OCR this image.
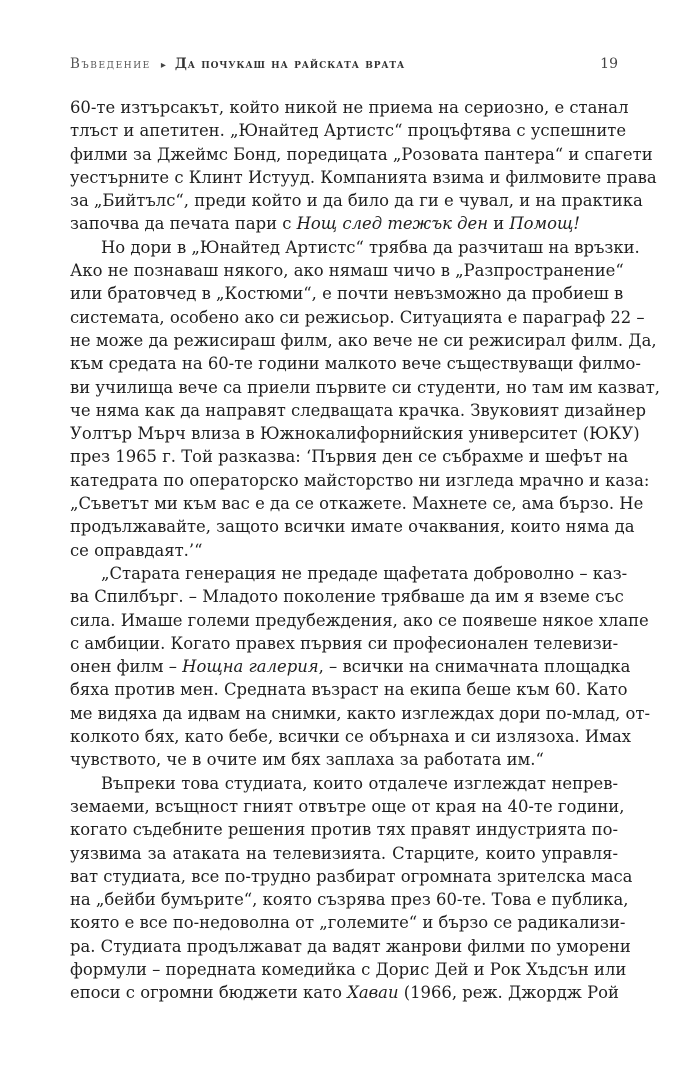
Въведение ▸ Да почукаш на райската врата	19
60-те изтърсакът, който никой не приема на сериозно, е станал
тлъст и апетитен. „Юнайтед Артистс“ процъфтява с успешните
филми за Джеймс Бонд, поредицата „Розовата пантера“ и спагети
уестърните с Клинт Истууд. Компанията взима и филмовите права
за „Бийтълс“, преди който и да било да ги е чувал, и на практика
започва да печата пари с Нощ след тежък ден и Помощ!
Но дори в „Юнайтед Артистс“ трябва да разчиташ на връзки.
Ако не познаваш някого, ако нямаш чичо в „Разпространение“
или братовчед в „Костюми“, е почти невъзможно да пробиеш в
системата, особено ако си режисьор. Ситуацията е параграф 22 –
не може да режисираш филм, ако вече не си режисирал филм. Да,
към средата на 60-те години малкото вече съществуващи филмо-
ви училища вече са приели първите си студенти, но там им казват,
че няма как да направят следващата крачка. Звуковият дизайнер
Уолтър Мърч влиза в Южнокалифорнийския университет (ЮКУ)
през 1965 г. Той разказва: ‘Първия ден се събрахме и шефът на
катедрата по операторско майсторство ни изгледа мрачно и каза:
„Съветът ми към вас е да се откажете. Махнете се, ама бързо. Не
продължавайте, защото всички имате очаквания, които няма да
се оправдаят.’“
„Старата генерация не предаде щафетата доброволно – каз-
ва Спилбърг. – Младото поколение трябваше да им я вземе със
сила. Имаше големи предубеждения, ако се появеше някое хлапе
с амбиции. Когато правех първия си професионален телевизи-
онен филм – Нощна галерия, – всички на снимачната площадка
бяха против мен. Средната възраст на екипа беше към 60. Като
ме видяха да идвам на снимки, както изглеждах дори по-млад, от-
колкото бях, като бебе, всички се обърнаха и си излязоха. Имах
чувството, че в очите им бях заплаха за работата им.“
Въпреки това студиата, които отдалече изглеждат непрев-
земаеми, всъщност гният отвътре още от края на 40-те години,
когато съдебните решения против тях правят индустрията по-
уязвима за атаката на телевизията. Старците, които управля-
ват студиата, все по-трудно разбират огромната зрителска маса
на „бейби бумърите“, която съзрява през 60-те. Това е публика,
която е все по-недоволна от „големите“ и бързо се радикализи-
ра. Студиата продължават да вадят жанрови филми по уморени
формули – поредната комедийка с Дорис Дей и Рок Хъдсън или
епоси с огромни бюджети като Хаваи (1966, реж. Джордж Рой
